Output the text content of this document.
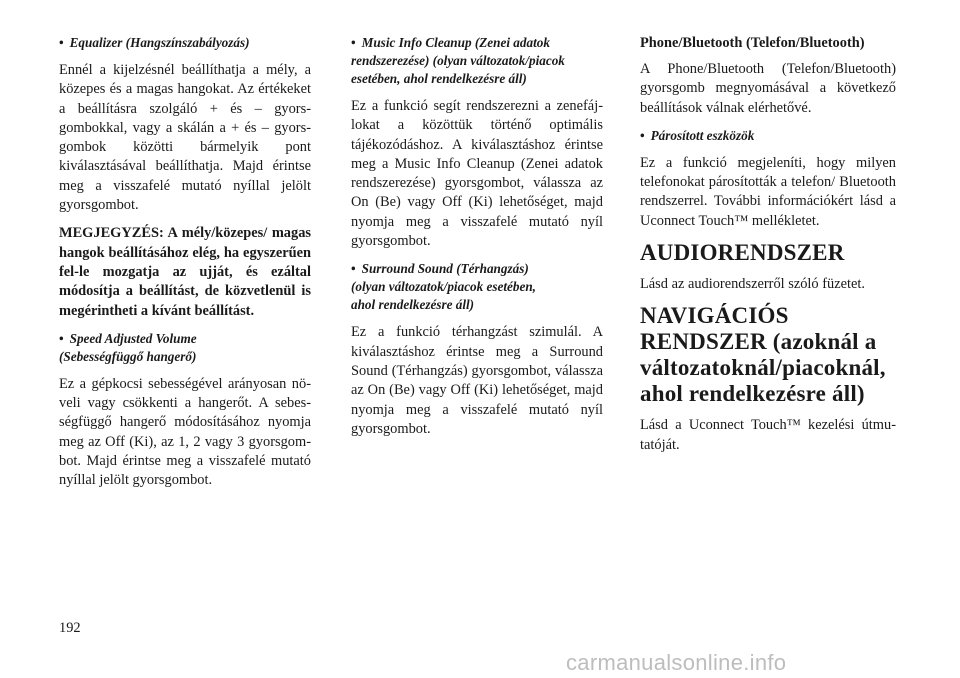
• Equalizer (Hangszínszabályozás)

Ennél a kijelzésnél beállíthatja a mély, a közepes és a magas hangokat. Az értékeket a beállításra szolgáló + és – gyorsgombokkal, vagy a skálán a + és – gyorsgombok közötti bármelyik pont kiválasztásával beállíthatja. Majd érintse meg a visszafelé mutató nyíllal jelölt gyorsgombot.

MEGJEGYZÉS: A mély/közepes/ magas hangok beállításához elég, ha egyszerűen fel-le mozgatja az ujját, és ezáltal módosítja a beállítást, de közvetlenül is megérintheti a kívánt beállítást.

• Speed Adjusted Volume
(Sebességfüggő hangerő)

Ez a gépkocsi sebességével arányosan növeli vagy csökkenti a hangerőt. A sebességfüggő hangerő módosításához nyomja meg az Off (Ki), az 1, 2 vagy 3 gyorsgombot. Majd érintse meg a visszafelé mutató nyíllal jelölt gyorsgombot.

• Music Info Cleanup (Zenei adatok
rendszerezése) (olyan változatok/piacok
esetében, ahol rendelkezésre áll)

Ez a funkció segít rendszerezni a zenefájlokat a közöttük történő optimális tájékozódáshoz. A kiválasztáshoz érintse meg a Music Info Cleanup (Zenei adatok rendszerezése) gyorsgombot, válassza az On (Be) vagy Off (Ki) lehetőséget, majd nyomja meg a visszafelé mutató nyíl gyorsgombot.

• Surround Sound (Térhangzás)
(olyan változatok/piacok esetében,
ahol rendelkezésre áll)

Ez a funkció térhangzást szimulál. A kiválasztáshoz érintse meg a Surround Sound (Térhangzás) gyorsgombot, válassza az On (Be) vagy Off (Ki) lehetőséget, majd nyomja meg a visszafelé mutató nyíl gyorsgombot.

Phone/Bluetooth (Telefon/Bluetooth)

A Phone/Bluetooth (Telefon/Bluetooth) gyorsgomb megnyomásával a következő beállítások válnak elérhetővé.

• Párosított eszközök

Ez a funkció megjeleníti, hogy milyen telefonokat párosították a telefon/ Bluetooth rendszerrel. További információkért lásd a Uconnect Touch™ mellékletet.

AUDIORENDSZER

Lásd az audiorendszerről szóló füzetet.

NAVIGÁCIÓS
RENDSZER (azoknál a
változatoknál/piacoknál,
ahol rendelkezésre áll)

Lásd a Uconnect Touch™ kezelési útmutatóját.

192
carmanualsonline.info
